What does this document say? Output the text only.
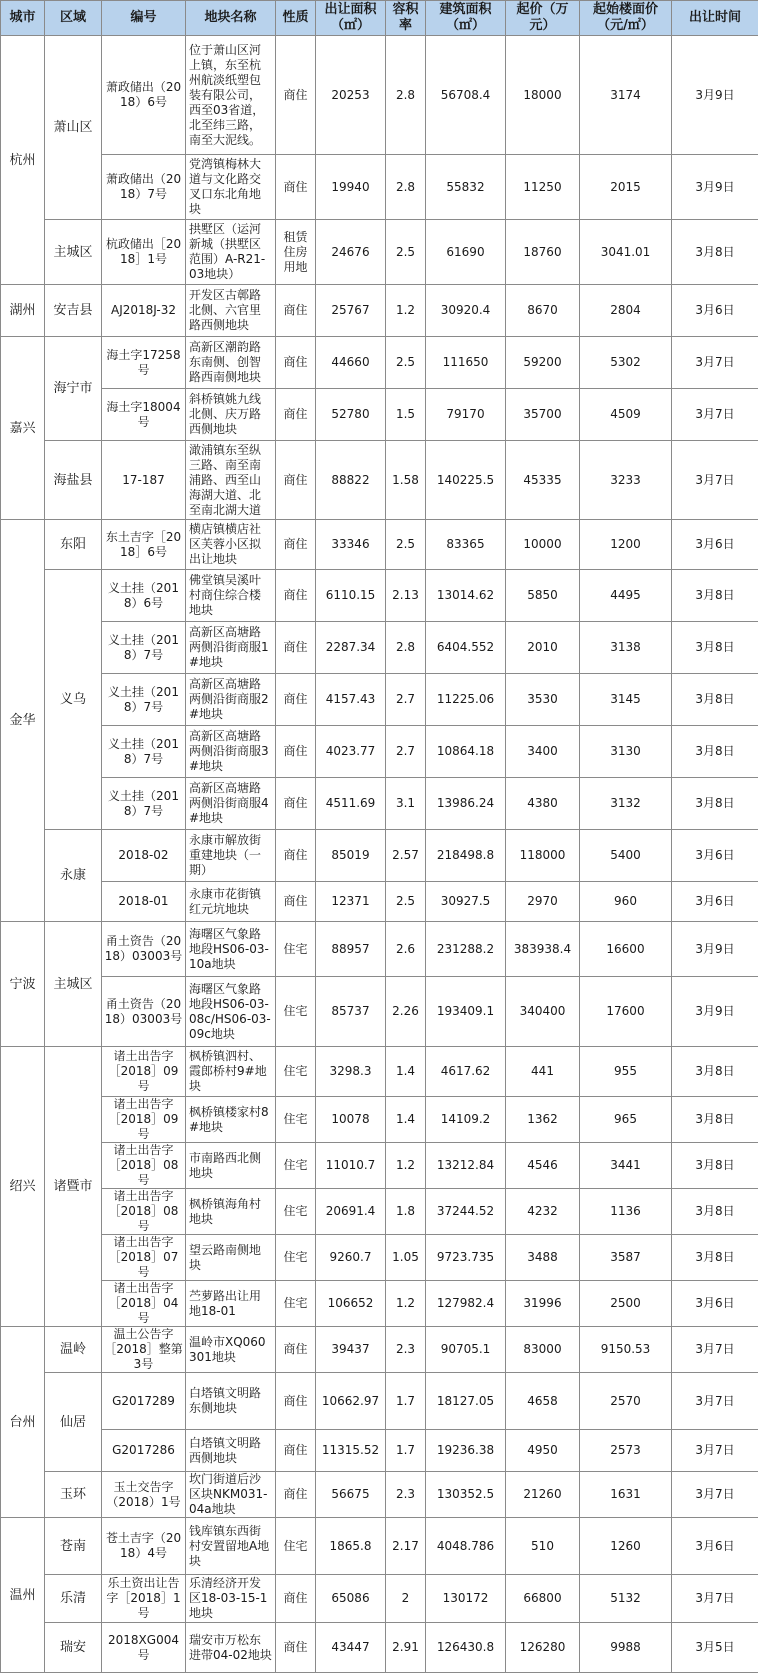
城市	区域	编号	地块名称	性质	出让面积（㎡）	容积率	建筑面积（㎡）	起价（万元）	起始楼面价（元/㎡）	出让时间
杭州	萧山区	萧政储出（2018）6号	位于萧山区河上镇，东至杭州航淡纸塑包装有限公司，西至03省道，北至纬三路，南至大泥线。	商住	20253	2.8	56708.4	18000	3174	3月9日
		萧政储出（2018）7号	党湾镇梅林大道与文化路交叉口东北角地块	商住	19940	2.8	55832	11250	2015	3月9日
	主城区	杭政储出［2018］1号	拱墅区（运河新城（拱墅区范围）A-R21-03地块）	租赁住房用地	24676	2.5	61690	18760	3041.01	3月8日
湖州	安吉县	AJ2018J-32	开发区古鄣路北侧、六官里路西侧地块	商住	25767	1.2	30920.4	8670	2804	3月6日
嘉兴	海宁市	海土字17258号	高新区潮韵路东南侧、创智路西南侧地块	商住	44660	2.5	111650	59200	5302	3月7日
		海土字18004号	斜桥镇姚九线北侧、庆万路西侧地块	商住	52780	1.5	79170	35700	4509	3月7日
	海盐县	17-187	澉浦镇东至纵三路、南至南浦路、西至山海湖大道、北至南北湖大道	商住	88822	1.58	140225.5	45335	3233	3月7日
金华	东阳	东土吉字［2018］6号	横店镇横店社区芙蓉小区拟出让地块	商住	33346	2.5	83365	10000	1200	3月6日
	义乌	义土挂（2018）6号	佛堂镇吴溪叶村商住综合楼地块	商住	6110.15	2.13	13014.62	5850	4495	3月8日
		义土挂（2018）7号	高新区高塘路两侧沿街商服1#地块	商住	2287.34	2.8	6404.552	2010	3138	3月8日
		义土挂（2018）7号	高新区高塘路两侧沿街商服2#地块	商住	4157.43	2.7	11225.06	3530	3145	3月8日
		义土挂（2018）7号	高新区高塘路两侧沿街商服3#地块	商住	4023.77	2.7	10864.18	3400	3130	3月8日
		义土挂（2018）7号	高新区高塘路两侧沿街商服4#地块	商住	4511.69	3.1	13986.24	4380	3132	3月8日
	永康	2018-02	永康市解放街重建地块（一期）	商住	85019	2.57	218498.8	118000	5400	3月6日
		2018-01	永康市花街镇红元坑地块	商住	12371	2.5	30927.5	2970	960	3月6日
宁波	主城区	甬土资告（2018）03003号	海曙区气象路地段HS06-03-10a地块	住宅	88957	2.6	231288.2	383938.4	16600	3月9日
		甬土资告（2018）03003号	海曙区气象路地段HS06-03-08c/HS06-03-09c地块	住宅	85737	2.26	193409.1	340400	17600	3月9日
绍兴	诸暨市	诸土出告字［2018］09号	枫桥镇泗村、霞郎桥村9#地块	住宅	3298.3	1.4	4617.62	441	955	3月8日
		诸土出告字［2018］09号	枫桥镇楼家村8#地块	住宅	10078	1.4	14109.2	1362	965	3月8日
		诸土出告字［2018］08号	市南路西北侧地块	住宅	11010.7	1.2	13212.84	4546	3441	3月8日
		诸土出告字［2018］08号	枫桥镇海角村地块	住宅	20691.4	1.8	37244.52	4232	1136	3月8日
		诸土出告字［2018］07号	望云路南侧地块	住宅	9260.7	1.05	9723.735	3488	3587	3月8日
		诸土出告字［2018］04号	苎萝路出让用地18-01	住宅	106652	1.2	127982.4	31996	2500	3月6日
台州	温岭	温土公告字［2018］整第3号	温岭市XQ060301地块	商住	39437	2.3	90705.1	83000	9150.53	3月7日
	仙居	G2017289	白塔镇文明路东侧地块	商住	10662.97	1.7	18127.05	4658	2570	3月7日
		G2017286	白塔镇文明路西侧地块	商住	11315.52	1.7	19236.38	4950	2573	3月7日
	玉环	玉土交告字（2018）1号	坎门街道后沙区块NKM031-04a地块	商住	56675	2.3	130352.5	21260	1631	3月7日
温州	苍南	苍土吉字（2018）4号	钱库镇东西街村安置留地A地块	住宅	1865.8	2.17	4048.786	510	1260	3月6日
	乐清	乐土资出让告字［2018］1号	乐清经济开发区18-03-15-1地块	商住	65086	2	130172	66800	5132	3月7日
	瑞安	2018XG004号	瑞安市万松东进带04-02地块	商住	43447	2.91	126430.8	126280	9988	3月5日
